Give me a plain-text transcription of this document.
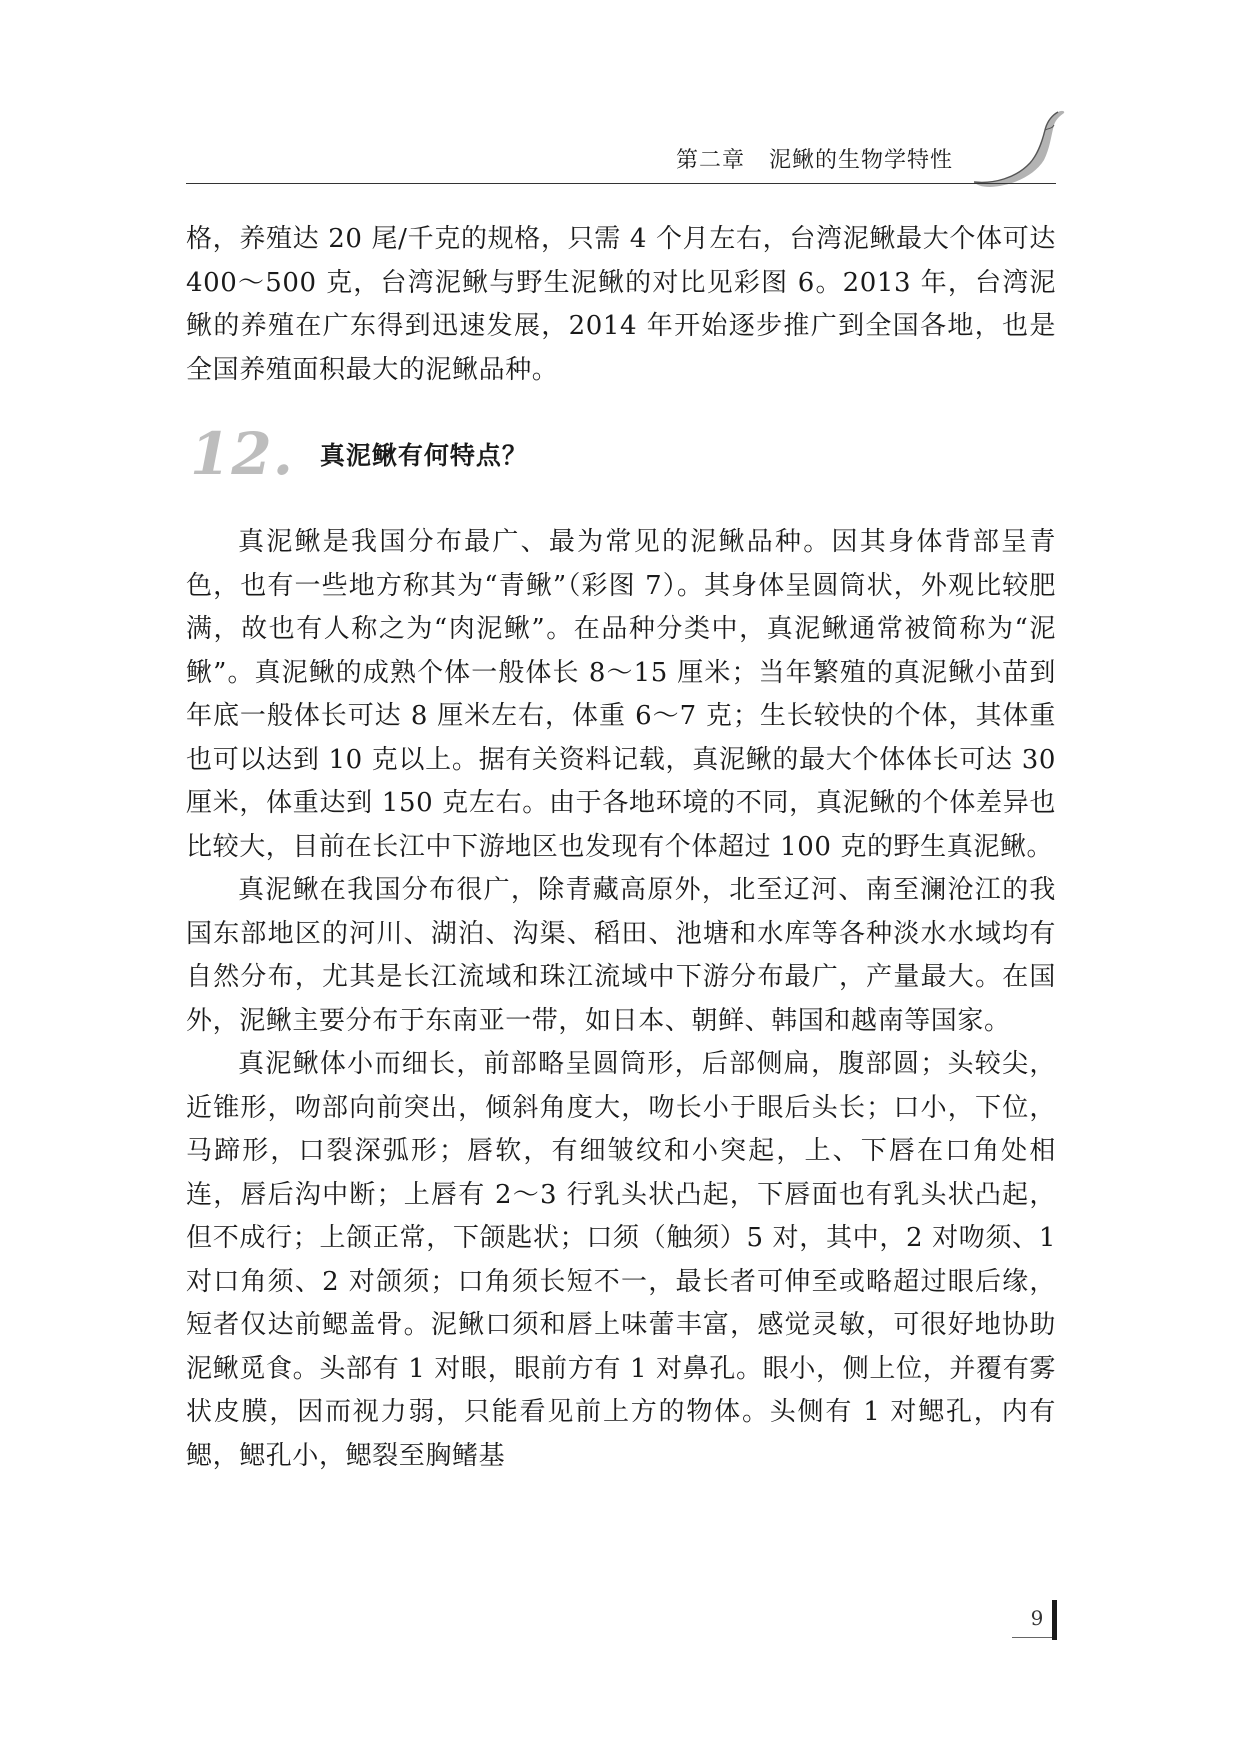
第二章 泥鳅的生物学特性

格，养殖达 20 尾/千克的规格，只需 4 个月左右，台湾泥鳅最大个体可达 400～500 克，台湾泥鳅与野生泥鳅的对比见彩图 6。2013 年，台湾泥鳅的养殖在广东得到迅速发展，2014 年开始逐步推广到全国各地，也是全国养殖面积最大的泥鳅品种。

12. 真泥鳅有何特点？

真泥鳅是我国分布最广、最为常见的泥鳅品种。因其身体背部呈青色，也有一些地方称其为“青鳅”（彩图 7）。其身体呈圆筒状，外观比较肥满，故也有人称之为“肉泥鳅”。在品种分类中，真泥鳅通常被简称为“泥鳅”。真泥鳅的成熟个体一般体长 8～15 厘米；当年繁殖的真泥鳅小苗到年底一般体长可达 8 厘米左右，体重 6～7 克；生长较快的个体，其体重也可以达到 10 克以上。据有关资料记载，真泥鳅的最大个体体长可达 30 厘米，体重达到 150 克左右。由于各地环境的不同，真泥鳅的个体差异也比较大，目前在长江中下游地区也发现有个体超过 100 克的野生真泥鳅。

真泥鳅在我国分布很广，除青藏高原外，北至辽河、南至澜沧江的我国东部地区的河川、湖泊、沟渠、稻田、池塘和水库等各种淡水水域均有自然分布，尤其是长江流域和珠江流域中下游分布最广，产量最大。在国外，泥鳅主要分布于东南亚一带，如日本、朝鲜、韩国和越南等国家。

真泥鳅体小而细长，前部略呈圆筒形，后部侧扁，腹部圆；头较尖，近锥形，吻部向前突出，倾斜角度大，吻长小于眼后头长；口小，下位，马蹄形，口裂深弧形；唇软，有细皱纹和小突起，上、下唇在口角处相连，唇后沟中断；上唇有 2～3 行乳头状凸起，下唇面也有乳头状凸起，但不成行；上颌正常，下颌匙状；口须（触须）5 对，其中，2 对吻须、1 对口角须、2 对颌须；口角须长短不一，最长者可伸至或略超过眼后缘，短者仅达前鳃盖骨。泥鳅口须和唇上味蕾丰富，感觉灵敏，可很好地协助泥鳅觅食。头部有 1 对眼，眼前方有 1 对鼻孔。眼小，侧上位，并覆有雾状皮膜，因而视力弱，只能看见前上方的物体。头侧有 1 对鳃孔，内有鳃，鳃孔小，鳃裂至胸鳍基

9
